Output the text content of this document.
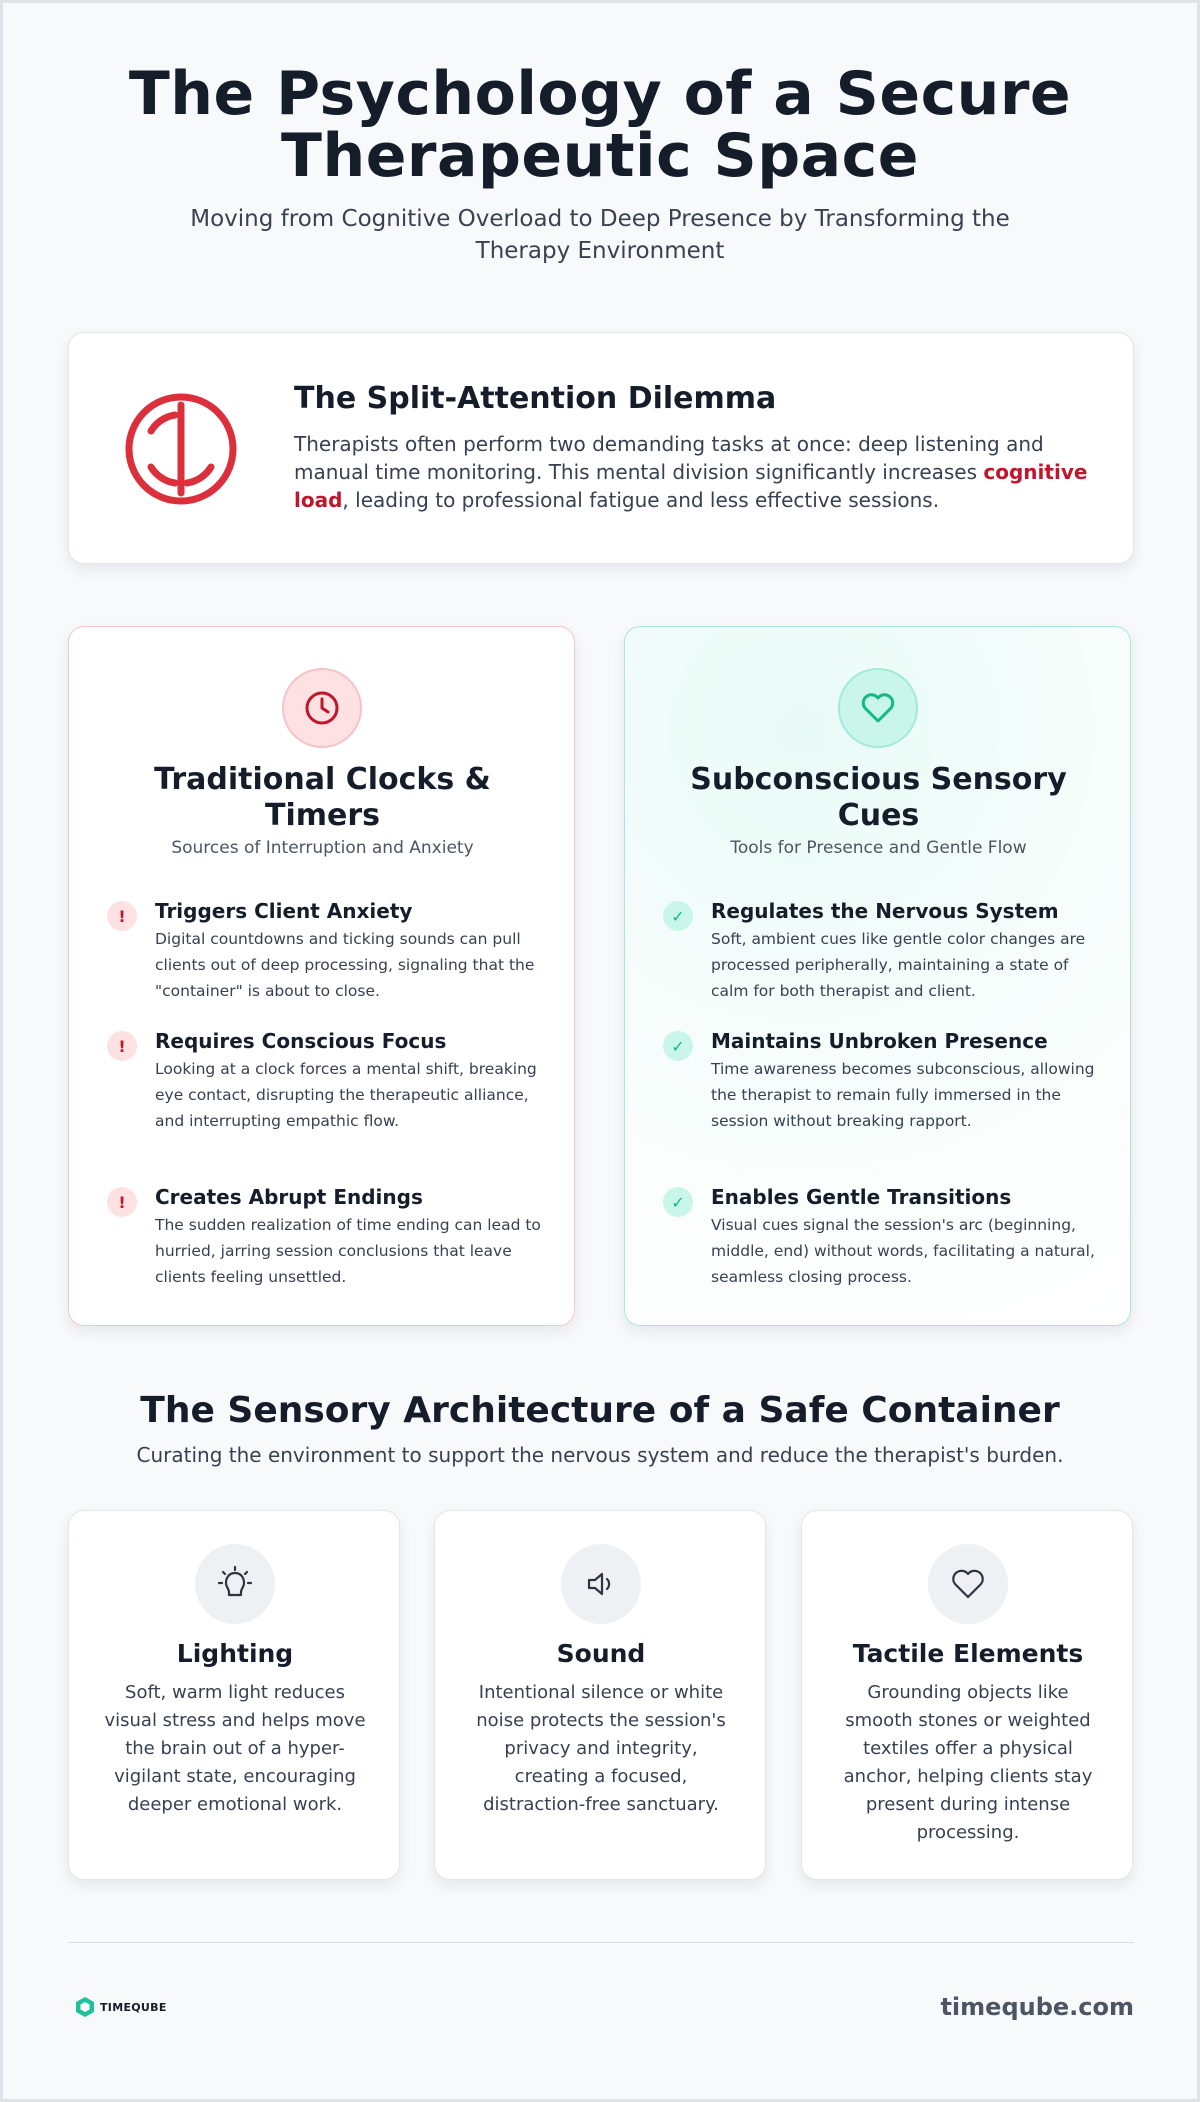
The Psychology of a Secure Therapeutic Space

Moving from Cognitive Overload to Deep Presence by Transforming the Therapy Environment

The Split-Attention Dilemma

Therapists often perform two demanding tasks at once: deep listening and manual time monitoring. This mental division significantly increases cognitive load, leading to professional fatigue and less effective sessions.

Traditional Clocks & Timers

Sources of Interruption and Anxiety

!	Triggers Client Anxiety
Digital countdowns and ticking sounds can pull clients out of deep processing, signaling that the "container" is about to close.
!	Requires Conscious Focus
Looking at a clock forces a mental shift, breaking eye contact, disrupting the therapeutic alliance, and interrupting empathic flow.
!	Creates Abrupt Endings
The sudden realization of time ending can lead to hurried, jarring session conclusions that leave clients feeling unsettled.
Subconscious Sensory Cues

Tools for Presence and Gentle Flow

✓	Regulates the Nervous System
Soft, ambient cues like gentle color changes are processed peripherally, maintaining a state of calm for both therapist and client.
✓	Maintains Unbroken Presence
Time awareness becomes subconscious, allowing the therapist to remain fully immersed in the session without breaking rapport.
✓	Enables Gentle Transitions
Visual cues signal the session's arc (beginning, middle, end) without words, facilitating a natural, seamless closing process.
The Sensory Architecture of a Safe Container

Curating the environment to support the nervous system and reduce the therapist's burden.

Lighting

Soft, warm light reduces visual stress and helps move the brain out of a hyper-vigilant state, encouraging deeper emotional work.

Sound

Intentional silence or white noise protects the session's privacy and integrity, creating a focused, distraction-free sanctuary.

Tactile Elements

Grounding objects like smooth stones or weighted textiles offer a physical anchor, helping clients stay present during intense processing.

TIMEQUBE	timeqube.com
